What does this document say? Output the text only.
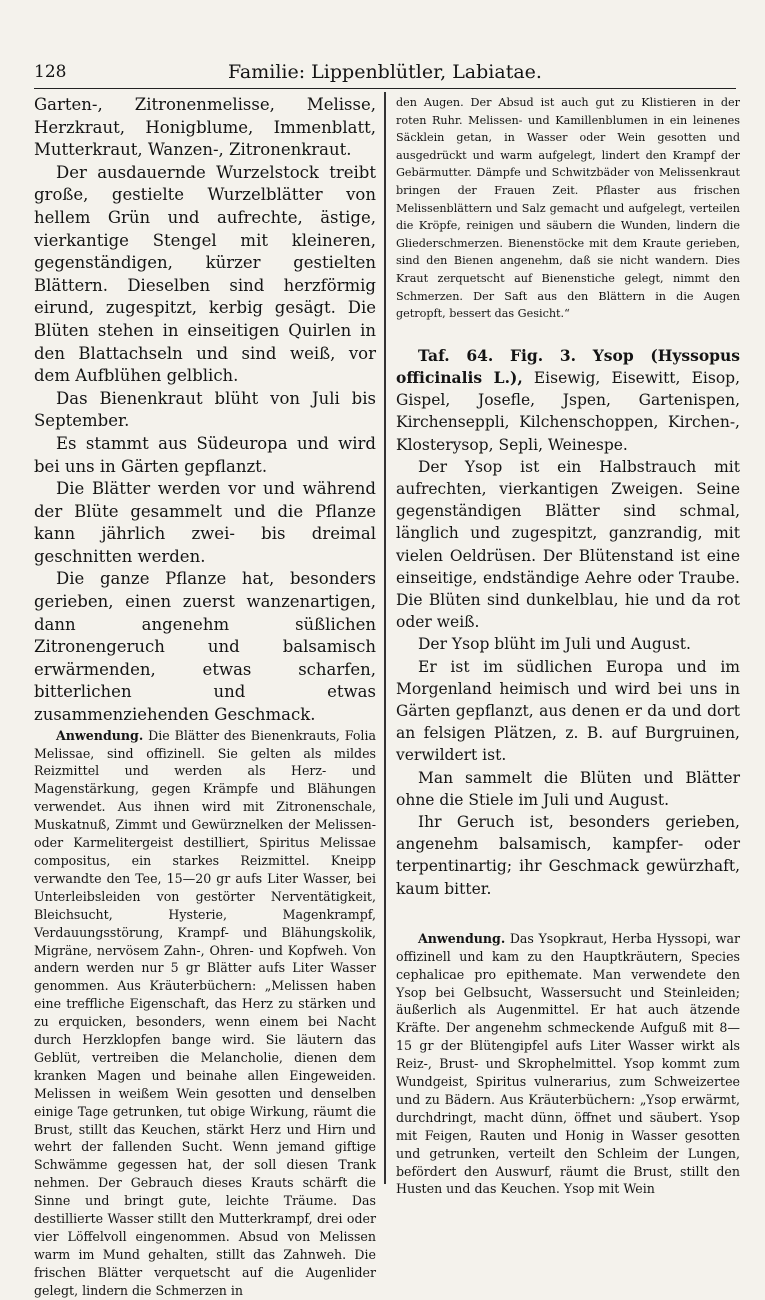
128	Familie: Lippenblütler, Labiatae.

Garten-, Zitronenmelisse, Melisse, Herzkraut, Honigblume, Immenblatt, Mutterkraut, Wanzen-, Zitronenkraut.

Der ausdauernde Wurzelstock treibt große, gestielte Wurzelblätter von hellem Grün und aufrechte, ästige, vierkantige Stengel mit kleineren, gegenständigen, kürzer gestielten Blättern. Dieselben sind herzförmig eirund, zugespitzt, kerbig gesägt. Die Blüten stehen in einseitigen Quirlen in den Blattachseln und sind weiß, vor dem Aufblühen gelblich.

Das Bienenkraut blüht von Juli bis September.

Es stammt aus Südeuropa und wird bei uns in Gärten gepflanzt.

Die Blätter werden vor und während der Blüte gesammelt und die Pflanze kann jährlich zwei- bis dreimal geschnitten werden.

Die ganze Pflanze hat, besonders gerieben, einen zuerst wanzenartigen, dann angenehm süßlichen Zitronengeruch und balsamisch erwärmenden, etwas scharfen, bitterlichen und etwas zusammenziehenden Geschmack.

Anwendung. Die Blätter des Bienenkrauts, Folia Melissae, sind offizinell. Sie gelten als mildes Reizmittel und werden als Herz- und Magenstärkung, gegen Krämpfe und Blähungen verwendet. Aus ihnen wird mit Zitronenschale, Muskatnuß, Zimmt und Gewürznelken der Melissen- oder Karmelitergeist destilliert, Spiritus Melissae compositus, ein starkes Reizmittel. Kneipp verwandte den Tee, 15—20 gr aufs Liter Wasser, bei Unterleibsleiden von gestörter Nerventätigkeit, Bleichsucht, Hysterie, Magenkrampf, Verdauungsstörung, Krampf- und Blähungskolik, Migräne, nervösem Zahn-, Ohren- und Kopfweh. Von andern werden nur 5 gr Blätter aufs Liter Wasser genommen. Aus Kräuterbüchern: „Melissen haben eine treffliche Eigenschaft, das Herz zu stärken und zu erquicken, besonders, wenn einem bei Nacht durch Herzklopfen bange wird. Sie läutern das Geblüt, vertreiben die Melancholie, dienen dem kranken Magen und beinahe allen Eingeweiden. Melissen in weißem Wein gesotten und denselben einige Tage getrunken, tut obige Wirkung, räumt die Brust, stillt das Keuchen, stärkt Herz und Hirn und wehrt der fallenden Sucht. Wenn jemand giftige Schwämme gegessen hat, der soll diesen Trank nehmen. Der Gebrauch dieses Krauts schärft die Sinne und bringt gute, leichte Träume. Das destillierte Wasser stillt den Mutterkrampf, drei oder vier Löffelvoll eingenommen. Absud von Melissen warm im Mund gehalten, stillt das Zahnweh. Die frischen Blätter verquetscht auf die Augenlider gelegt, lindern die Schmerzen in

den Augen. Der Absud ist auch gut zu Klistieren in der roten Ruhr. Melissen- und Kamillenblumen in ein leinenes Säcklein getan, in Wasser oder Wein gesotten und ausgedrückt und warm aufgelegt, lindert den Krampf der Gebärmutter. Dämpfe und Schwitzbäder von Melissenkraut bringen der Frauen Zeit. Pflaster aus frischen Melissenblättern und Salz gemacht und aufgelegt, verteilen die Kröpfe, reinigen und säubern die Wunden, lindern die Gliederschmerzen. Bienenstöcke mit dem Kraute gerieben, sind den Bienen angenehm, daß sie nicht wandern. Dies Kraut zerquetscht auf Bienenstiche gelegt, nimmt den Schmerzen. Der Saft aus den Blättern in die Augen getropft, bessert das Gesicht.“

Taf. 64. Fig. 3. Ysop (Hyssopus officinalis L.), Eisewig, Eisewitt, Eisop, Gispel, Josefle, Jspen, Gartenispen, Kirchenseppli, Kilchenschoppen, Kirchen-, Klosterysop, Sepli, Weinespe.

Der Ysop ist ein Halbstrauch mit aufrechten, vierkantigen Zweigen. Seine gegenständigen Blätter sind schmal, länglich und zugespitzt, ganzrandig, mit vielen Oeldrüsen. Der Blütenstand ist eine einseitige, endständige Aehre oder Traube. Die Blüten sind dunkelblau, hie und da rot oder weiß.

Der Ysop blüht im Juli und August.

Er ist im südlichen Europa und im Morgenland heimisch und wird bei uns in Gärten gepflanzt, aus denen er da und dort an felsigen Plätzen, z. B. auf Burgruinen, verwildert ist.

Man sammelt die Blüten und Blätter ohne die Stiele im Juli und August.

Ihr Geruch ist, besonders gerieben, angenehm balsamisch, kampfer- oder terpentinartig; ihr Geschmack gewürzhaft, kaum bitter.

Anwendung. Das Ysopkraut, Herba Hyssopi, war offizinell und kam zu den Hauptkräutern, Species cephalicae pro epithemate. Man verwendete den Ysop bei Gelbsucht, Wassersucht und Steinleiden; äußerlich als Augenmittel. Er hat auch ätzende Kräfte. Der angenehm schmeckende Aufguß mit 8—15 gr der Blütengipfel aufs Liter Wasser wirkt als Reiz-, Brust- und Skrophelmittel. Ysop kommt zum Wundgeist, Spiritus vulnerarius, zum Schweizertee und zu Bädern. Aus Kräuterbüchern: „Ysop erwärmt, durchdringt, macht dünn, öffnet und säubert. Ysop mit Feigen, Rauten und Honig in Wasser gesotten und getrunken, verteilt den Schleim der Lungen, befördert den Auswurf, räumt die Brust, stillt den Husten und das Keuchen. Ysop mit Wein
